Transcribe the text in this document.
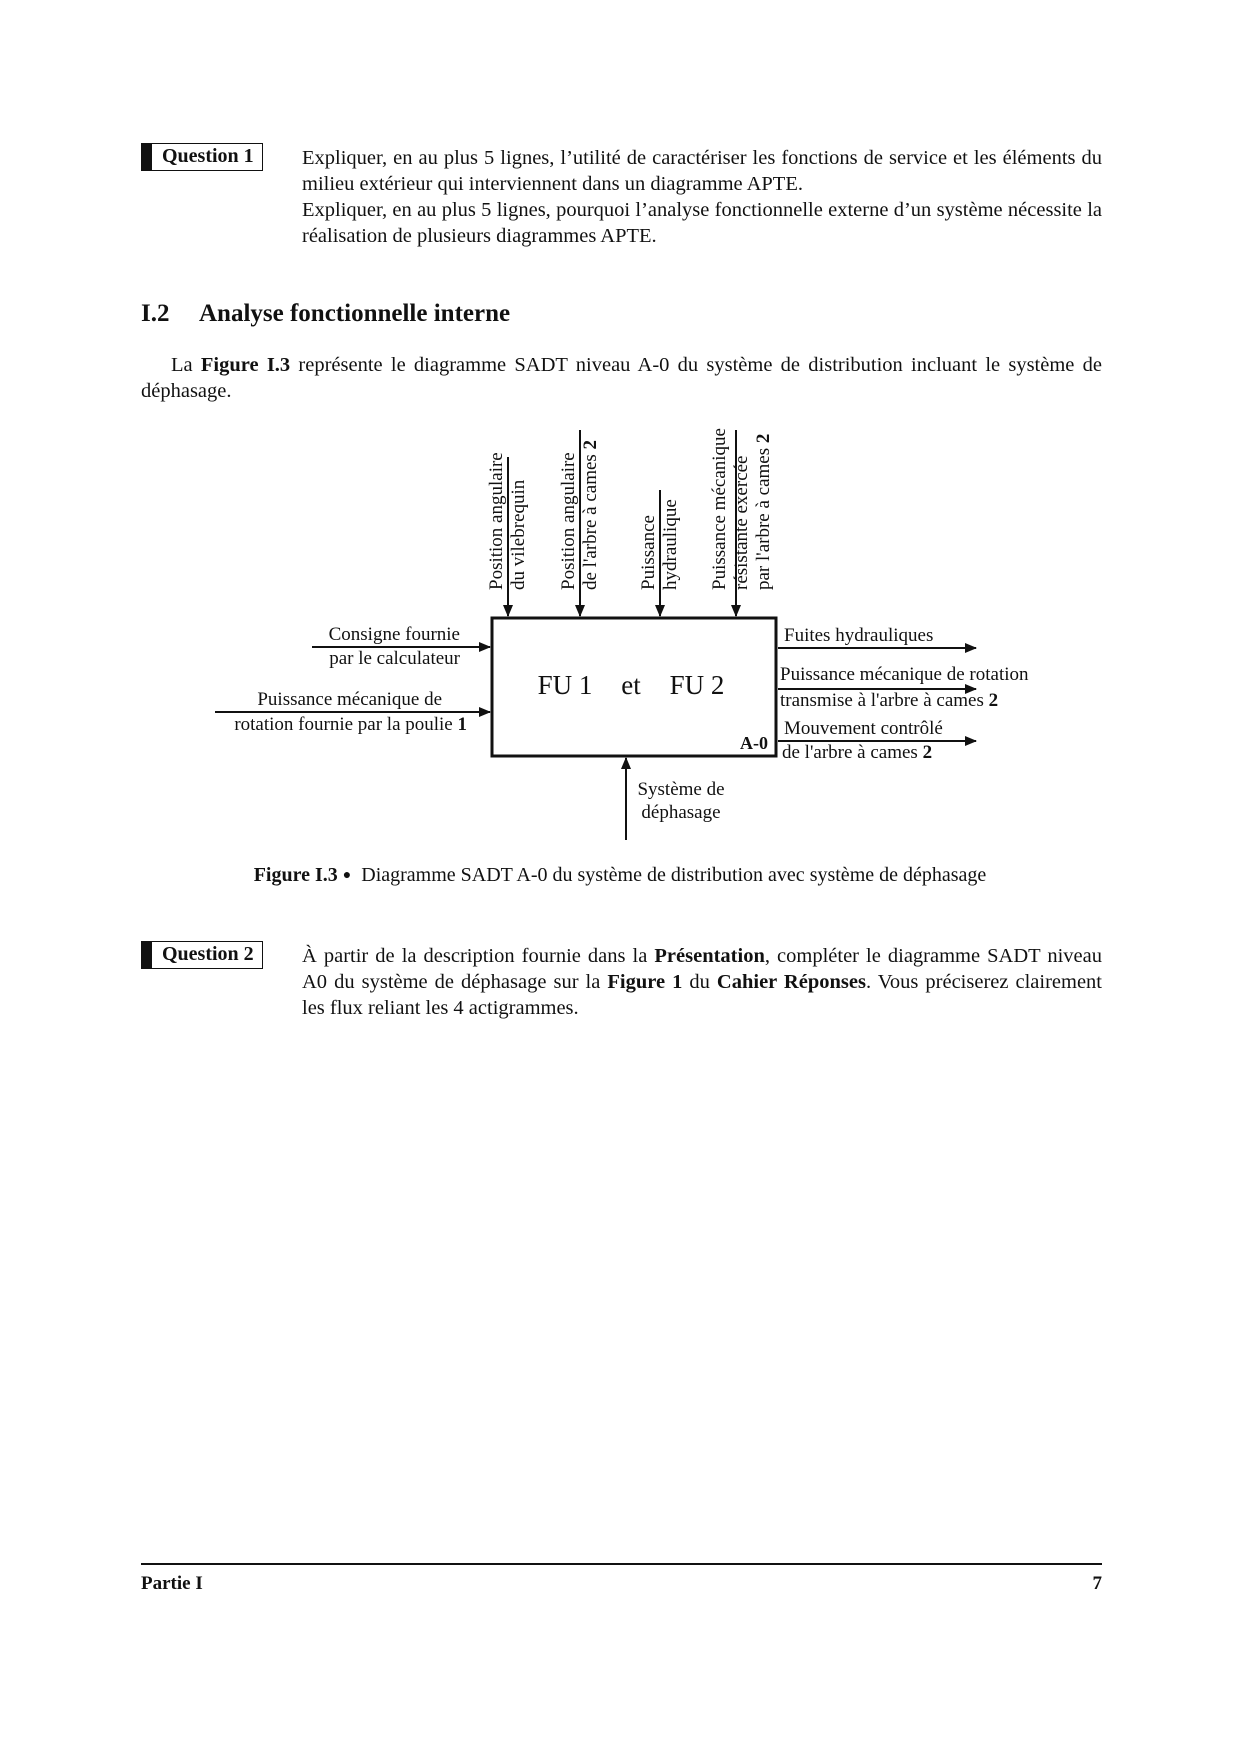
Question 1	Expliquer, en au plus 5 lignes, l’utilité de caractériser les fonctions de service et les éléments du milieu extérieur qui interviennent dans un diagramme APTE.

Expliquer, en au plus 5 lignes, pourquoi l’analyse fonctionnelle externe d’un système nécessite la réalisation de plusieurs diagrammes APTE.

I.2 Analyse fonctionnelle interne
La Figure I.3 représente le diagramme SADT niveau A-0 du système de distribution incluant le système de déphasage.
FU 1 et FU 2
A-0
Position angulaire du vilebrequin Position angulaire de l'arbre à cames 2
Puissance hydraulique Puissance mécanique résistante exercée par l'arbre à cames 2
Consigne fournie
par le calculateur
Puissance mécanique de
rotation fournie par la poulie 1
Fuites hydrauliques
Puissance mécanique de rotation
transmise à l'arbre à cames 2
Mouvement contrôlé
de l'arbre à cames 2
Système de
déphasage
Figure I.3 ● Diagramme SADT A-0 du système de distribution avec système de déphasage
Question 2	À partir de la description fournie dans la Présentation, compléter le diagramme SADT niveau A0 du système de déphasage sur la Figure 1 du Cahier Réponses. Vous préciserez clairement les flux reliant les 4 actigrammes.
Partie I	7
